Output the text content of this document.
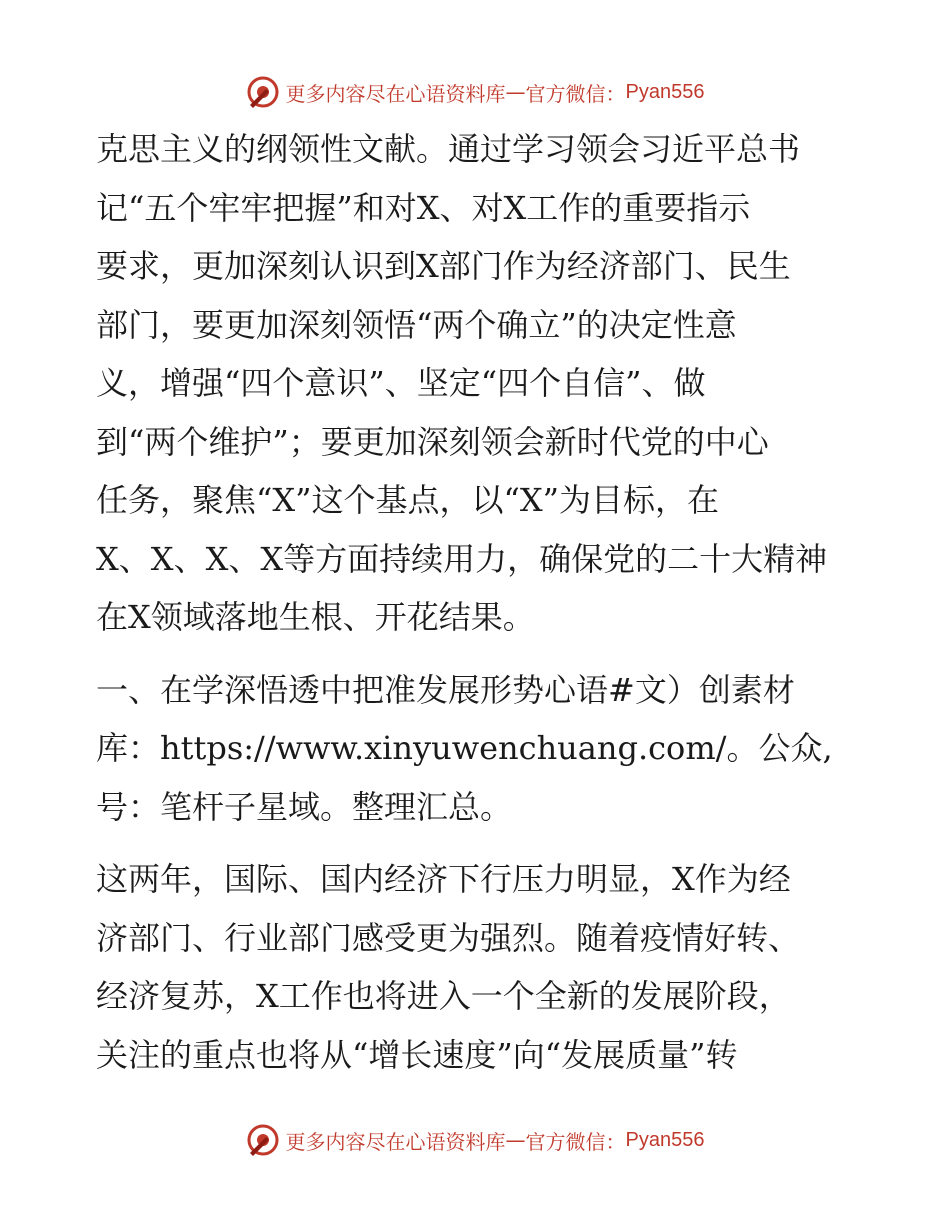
更多内容尽在心语资料库 — 官方微信： Pyan556
克思主义的纲领性文献。通过学习领会习近平总书
记“五个牢牢把握”和对X、对X工作的重要指示
要求，更加深刻认识到X部门作为经济部门、民生
部门，要更加深刻领悟“两个确立”的决定性意
义，增强“四个意识”、坚定“四个自信”、做
到“两个维护”；要更加深刻领会新时代党的中心
任务，聚焦“X”这个基点，以“X”为目标，在
X、X、X、X等方面持续用力，确保党的二十大精神
在X领域落地生根、开花结果。
一、在学深悟透中把准发展形势心语#文）创素材
库：https://www.xinyuwenchuang.com/。公众,
号：笔杆子星域。整理汇总。
这两年，国际、国内经济下行压力明显，X作为经
济部门、行业部门感受更为强烈。随着疫情好转、
经济复苏，X工作也将进入一个全新的发展阶段，
关注的重点也将从“增长速度”向“发展质量”转
更多内容尽在心语资料库 — 官方微信： Pyan556
